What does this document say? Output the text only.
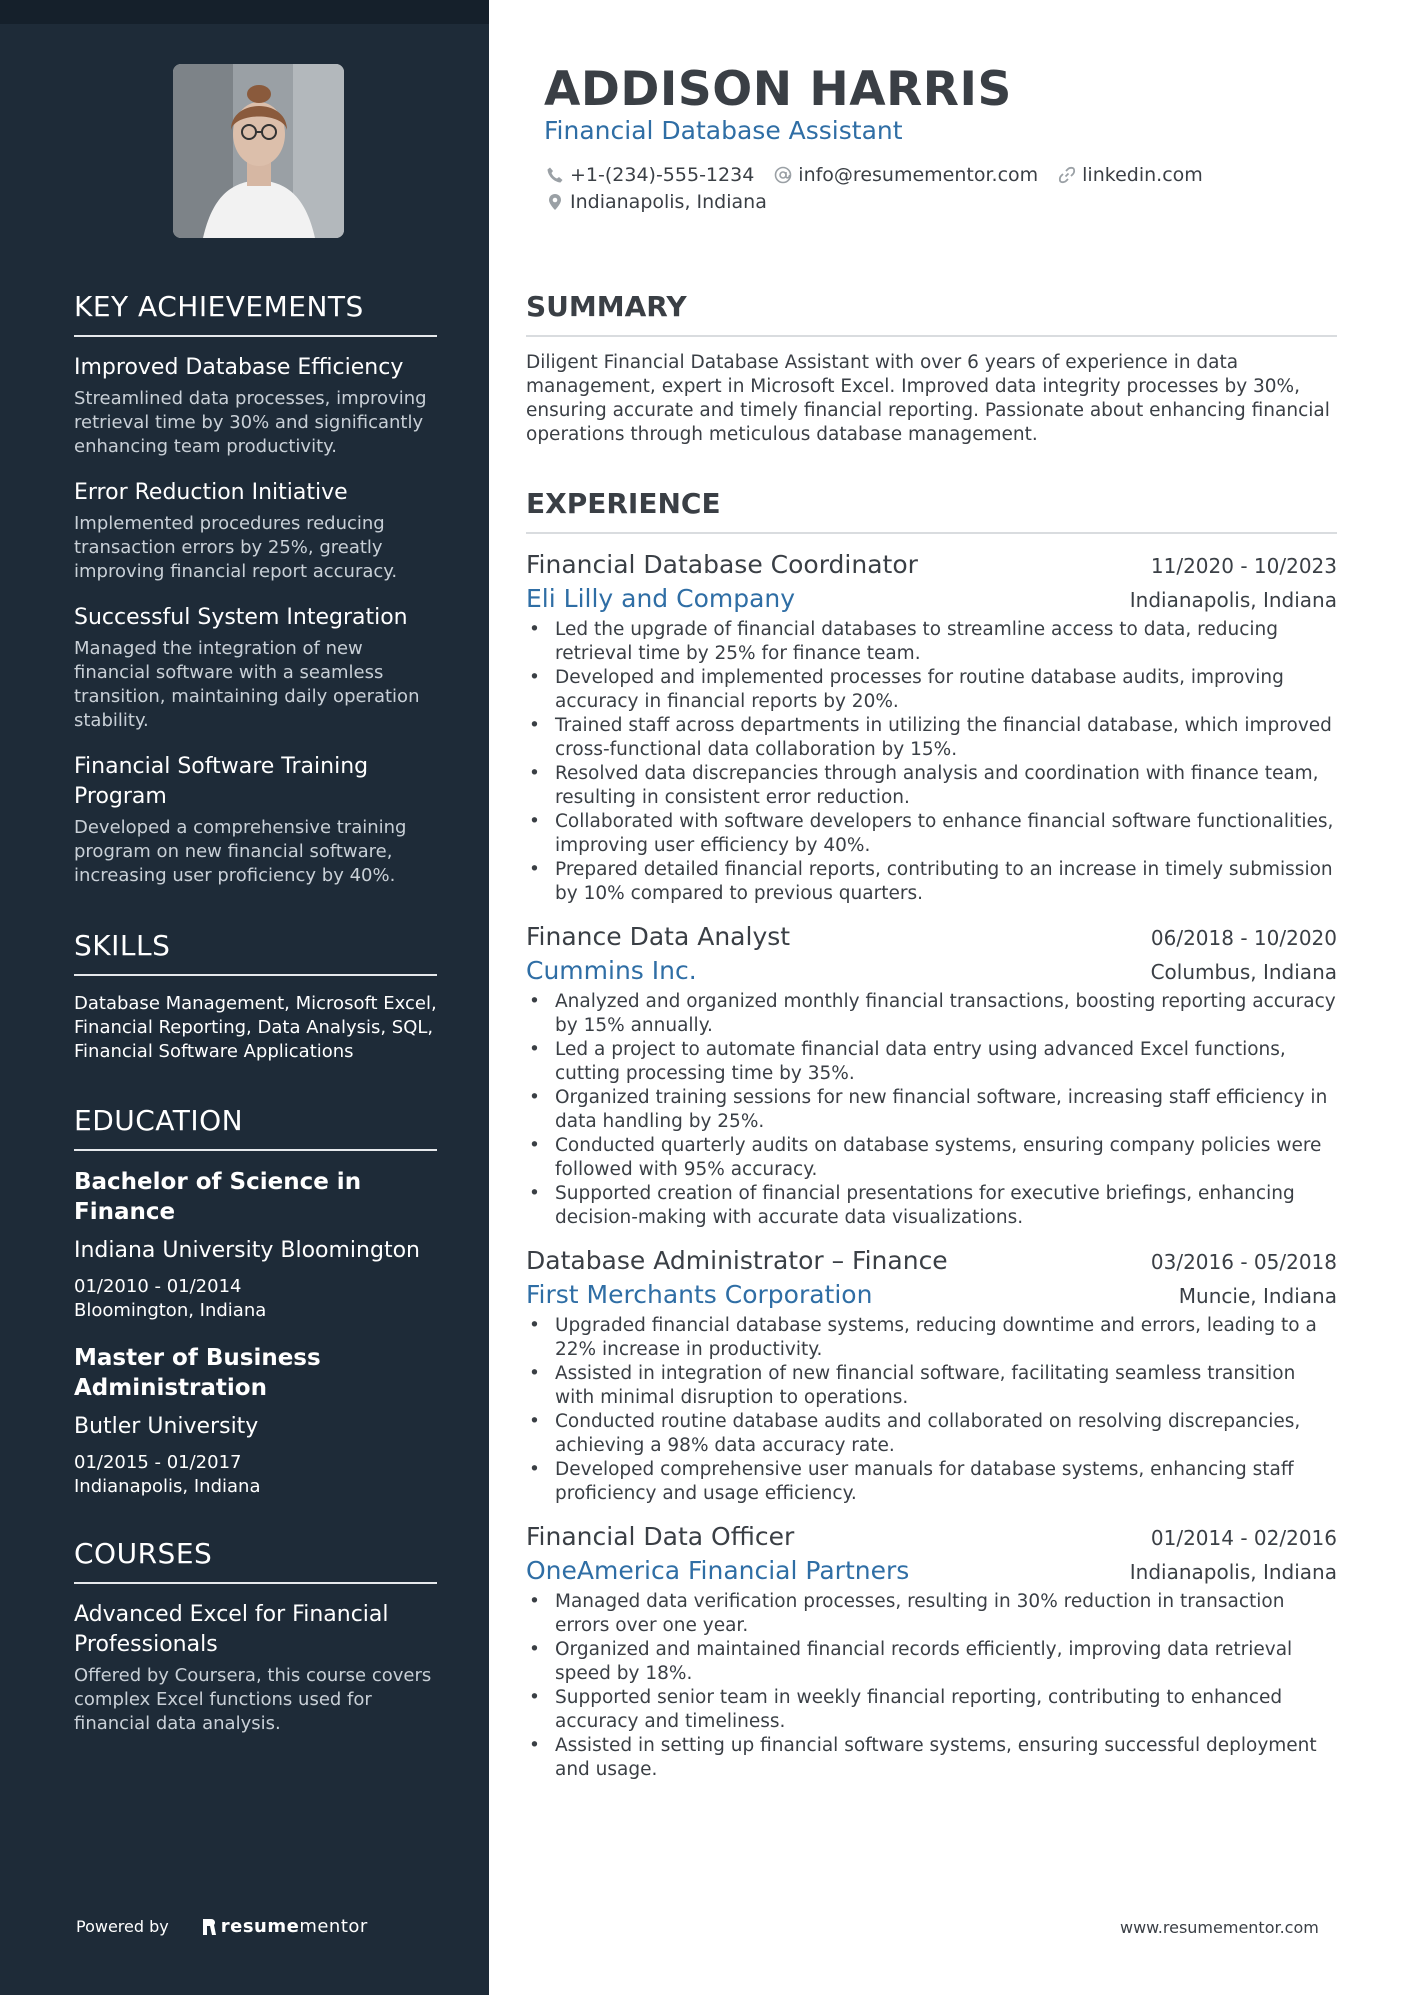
KEY ACHIEVEMENTS
Improved Database Efficiency
Streamlined data processes, improving retrieval time by 30% and significantly enhancing team productivity.
Error Reduction Initiative
Implemented procedures reducing transaction errors by 25%, greatly improving financial report accuracy.
Successful System Integration
Managed the integration of new financial software with a seamless transition, maintaining daily operation stability.
Financial Software Training Program
Developed a comprehensive training program on new financial software, increasing user proficiency by 40%.
SKILLS
Database Management, Microsoft Excel, Financial Reporting, Data Analysis, SQL, Financial Software Applications
EDUCATION
Bachelor of Science in Finance
Indiana University Bloomington
01/2010 - 01/2014
Bloomington, Indiana
Master of Business Administration
Butler University
01/2015 - 01/2017
Indianapolis, Indiana
COURSES
Advanced Excel for Financial Professionals
Offered by Coursera, this course covers complex Excel functions used for financial data analysis.
Powered by	resume mentor
ADDISON HARRIS
Financial Database Assistant
+1-(234)-555-1234 info@resumementor.com linkedin.com
Indianapolis, Indiana
SUMMARY

Diligent Financial Database Assistant with over 6 years of experience in data management, expert in Microsoft Excel. Improved data integrity processes by 30%, ensuring accurate and timely financial reporting. Passionate about enhancing financial operations through meticulous database management.

EXPERIENCE
Financial Database Coordinator	11/2020 - 10/2023
Eli Lilly and Company	Indianapolis, Indiana
• Led the upgrade of financial databases to streamline access to data, reducing retrieval time by 25% for finance team.
• Developed and implemented processes for routine database audits, improving accuracy in financial reports by 20%.
• Trained staff across departments in utilizing the financial database, which improved cross-functional data collaboration by 15%.
• Resolved data discrepancies through analysis and coordination with finance team, resulting in consistent error reduction.
• Collaborated with software developers to enhance financial software functionalities, improving user efficiency by 40%.
• Prepared detailed financial reports, contributing to an increase in timely submission by 10% compared to previous quarters.
Finance Data Analyst	06/2018 - 10/2020
Cummins Inc.	Columbus, Indiana
• Analyzed and organized monthly financial transactions, boosting reporting accuracy by 15% annually.
• Led a project to automate financial data entry using advanced Excel functions, cutting processing time by 35%.
• Organized training sessions for new financial software, increasing staff efficiency in data handling by 25%.
• Conducted quarterly audits on database systems, ensuring company policies were followed with 95% accuracy.
• Supported creation of financial presentations for executive briefings, enhancing decision-making with accurate data visualizations.
Database Administrator – Finance	03/2016 - 05/2018
First Merchants Corporation	Muncie, Indiana
• Upgraded financial database systems, reducing downtime and errors, leading to a 22% increase in productivity.
• Assisted in integration of new financial software, facilitating seamless transition with minimal disruption to operations.
• Conducted routine database audits and collaborated on resolving discrepancies, achieving a 98% data accuracy rate.
• Developed comprehensive user manuals for database systems, enhancing staff proficiency and usage efficiency.
Financial Data Officer	01/2014 - 02/2016
OneAmerica Financial Partners	Indianapolis, Indiana
• Managed data verification processes, resulting in 30% reduction in transaction errors over one year.
• Organized and maintained financial records efficiently, improving data retrieval speed by 18%.
• Supported senior team in weekly financial reporting, contributing to enhanced accuracy and timeliness.
• Assisted in setting up financial software systems, ensuring successful deployment and usage.
www.resumementor.com
